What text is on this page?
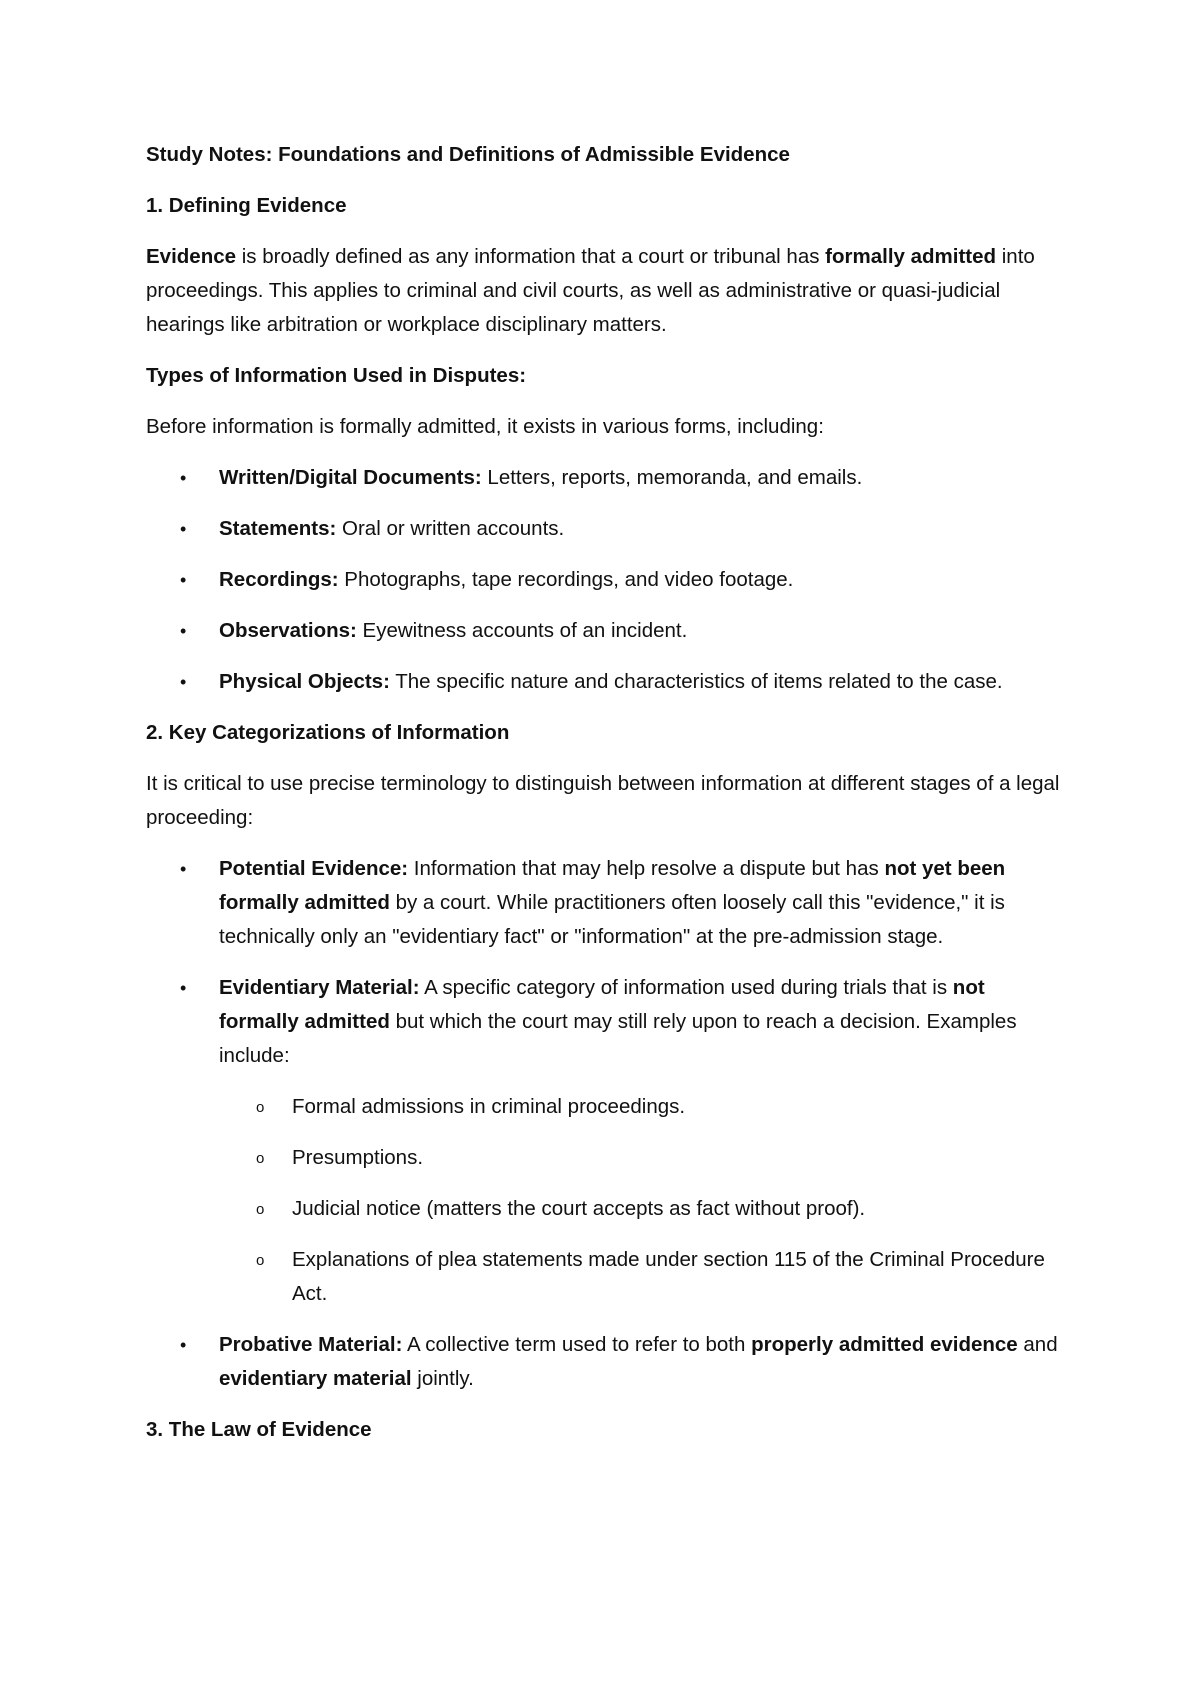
Study Notes: Foundations and Definitions of Admissible Evidence

1. Defining Evidence

Evidence is broadly defined as any information that a court or tribunal has formally admitted into proceedings. This applies to criminal and civil courts, as well as administrative or quasi-judicial hearings like arbitration or workplace disciplinary matters.

Types of Information Used in Disputes:

Before information is formally admitted, it exists in various forms, including:

• Written/Digital Documents: Letters, reports, memoranda, and emails.
• Statements: Oral or written accounts.
• Recordings: Photographs, tape recordings, and video footage.
• Observations: Eyewitness accounts of an incident.
• Physical Objects: The specific nature and characteristics of items related to the case.

2. Key Categorizations of Information

It is critical to use precise terminology to distinguish between information at different stages of a legal proceeding:

• Potential Evidence: Information that may help resolve a dispute but has not yet been formally admitted by a court. While practitioners often loosely call this "evidence," it is technically only an "evidentiary fact" or "information" at the pre-admission stage.
• Evidentiary Material: A specific category of information used during trials that is not formally admitted but which the court may still rely upon to reach a decision. Examples include:
o Formal admissions in criminal proceedings.
o Presumptions.
o Judicial notice (matters the court accepts as fact without proof).
o Explanations of plea statements made under section 115 of the Criminal Procedure Act.
• Probative Material: A collective term used to refer to both properly admitted evidence and evidentiary material jointly.

3. The Law of Evidence
